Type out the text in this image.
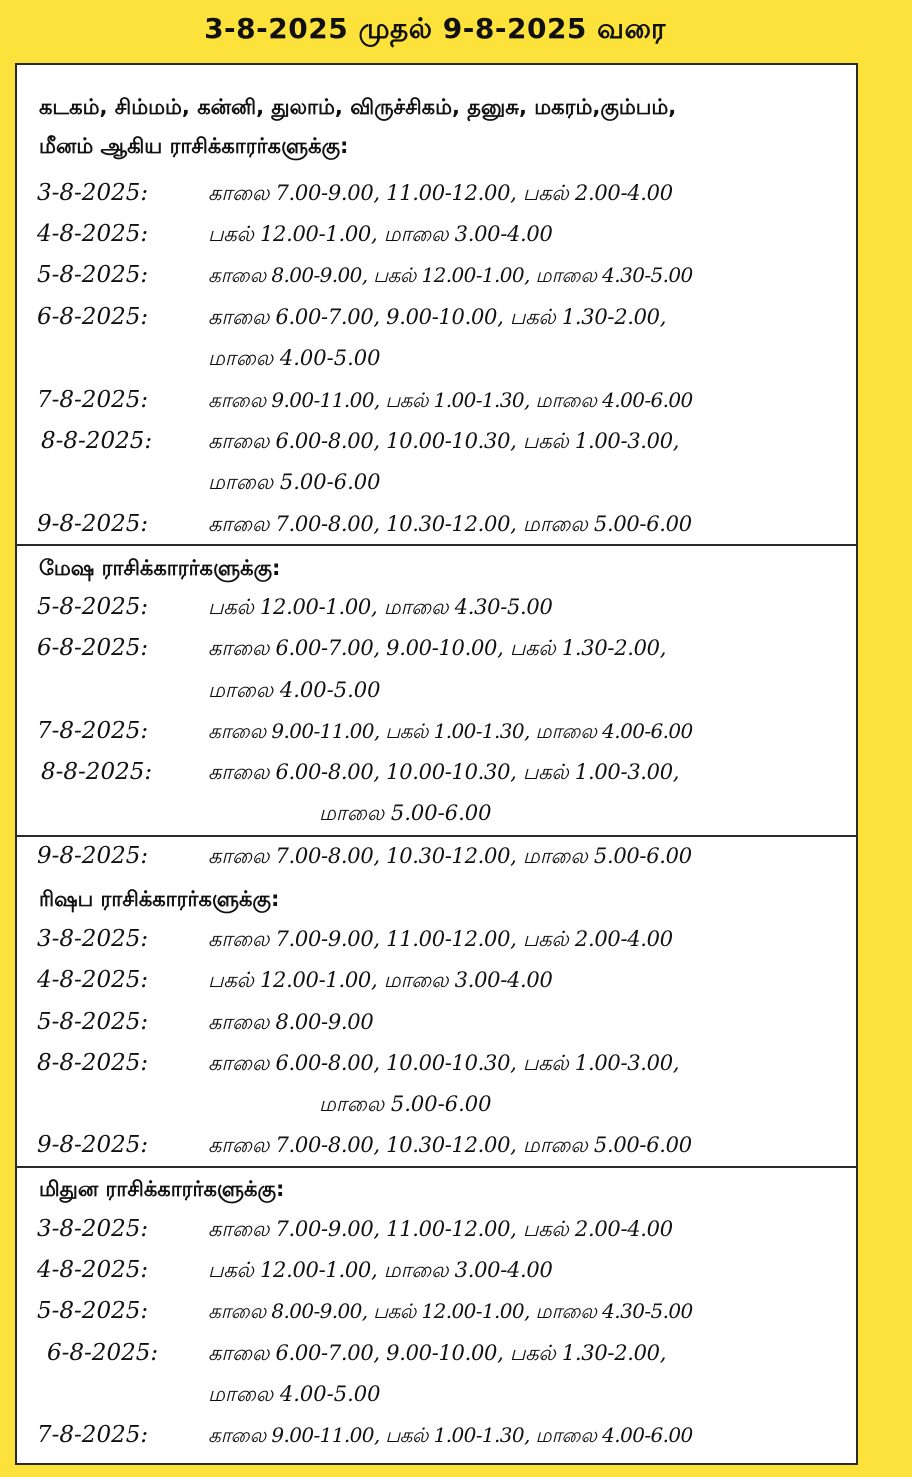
3-8-2025 முதல் 9-8-2025 வரை
கடகம், சிம்மம், கன்னி, துலாம், விருச்சிகம், தனுசு, மகரம்,கும்பம்,
மீனம் ஆகிய ராசிக்காரர்களுக்கு:
3-8-2025:	காலை 7.00-9.00, 11.00-12.00, பகல் 2.00-4.00
4-8-2025:	பகல் 12.00-1.00, மாலை 3.00-4.00
5-8-2025:	காலை 8.00-9.00, பகல் 12.00-1.00, மாலை 4.30-5.00
6-8-2025:	காலை 6.00-7.00, 9.00-10.00, பகல் 1.30-2.00,
மாலை 4.00-5.00
7-8-2025:	காலை 9.00-11.00, பகல் 1.00-1.30, மாலை 4.00-6.00
8-8-2025:	காலை 6.00-8.00, 10.00-10.30, பகல் 1.00-3.00,
மாலை 5.00-6.00
9-8-2025:	காலை 7.00-8.00, 10.30-12.00, மாலை 5.00-6.00
மேஷ ராசிக்காரர்களுக்கு:
5-8-2025:	பகல் 12.00-1.00, மாலை 4.30-5.00
6-8-2025:	காலை 6.00-7.00, 9.00-10.00, பகல் 1.30-2.00,
மாலை 4.00-5.00
7-8-2025:	காலை 9.00-11.00, பகல் 1.00-1.30, மாலை 4.00-6.00
8-8-2025:	காலை 6.00-8.00, 10.00-10.30, பகல் 1.00-3.00,
மாலை 5.00-6.00
9-8-2025:	காலை 7.00-8.00, 10.30-12.00, மாலை 5.00-6.00
ரிஷப ராசிக்காரர்களுக்கு:
3-8-2025:	காலை 7.00-9.00, 11.00-12.00, பகல் 2.00-4.00
4-8-2025:	பகல் 12.00-1.00, மாலை 3.00-4.00
5-8-2025:	காலை 8.00-9.00
8-8-2025:	காலை 6.00-8.00, 10.00-10.30, பகல் 1.00-3.00,
மாலை 5.00-6.00
9-8-2025:	காலை 7.00-8.00, 10.30-12.00, மாலை 5.00-6.00
மிதுன ராசிக்காரர்களுக்கு:
3-8-2025:	காலை 7.00-9.00, 11.00-12.00, பகல் 2.00-4.00
4-8-2025:	பகல் 12.00-1.00, மாலை 3.00-4.00
5-8-2025:	காலை 8.00-9.00, பகல் 12.00-1.00, மாலை 4.30-5.00
6-8-2025: காலை 6.00-7.00, 9.00-10.00, பகல் 1.30-2.00,
மாலை 4.00-5.00
7-8-2025:	காலை 9.00-11.00, பகல் 1.00-1.30, மாலை 4.00-6.00
